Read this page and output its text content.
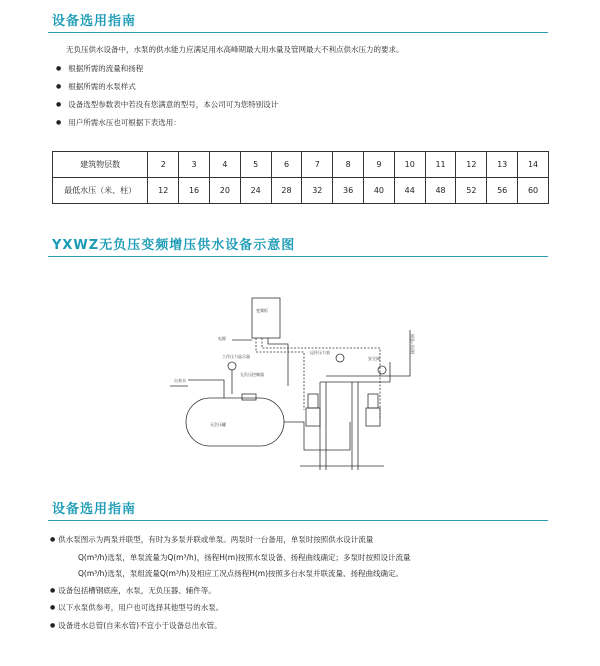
设备选用指南
无负压供水设备中，水泵的供水能力应满足用水高峰期最大用水量及管网最大不利点供水压力的要求。
● 根据所需的流量和扬程
● 根据所需的水泵样式
● 设备选型参数表中若没有您满意的型号，本公司可为您特别设计
● 用户所需水压也可根据下表选用：
建筑物层数	2	3	4	5	6	7	8	9	10	11	12	13	14
最低水压（米、柱）	12	16	20	24	28	32	36	40	44	48	52	56	60
YXWZ无负压变频增压供水设备示意图
变频柜
电源
工作压力显示器
自来水
无负压控制器
无负压罐
远传压力表
安全阀
接用户管网
设备选用指南
● 供水泵图示为两泵并联型，有时为多泵并联或单泵。两泵时一台备用，单泵时按照供水设计流量
Q(m³/h)选泵，单泵流量为Q(m³/h)，扬程H(m)按照水泵设备、扬程曲线确定；多泵时按照设计流量
Q(m³/h)选泵，泵组流量Q(m³/h)及相应工况点扬程H(m)按照多台水泵并联流量、扬程曲线确定。
● 设备包括槽钢底座，水泵，无负压器、辅件等。
● 以下水泵供参考，用户也可选择其他型号的水泵。
● 设备进水总管(自来水管)不宜小于设备总出水管。
